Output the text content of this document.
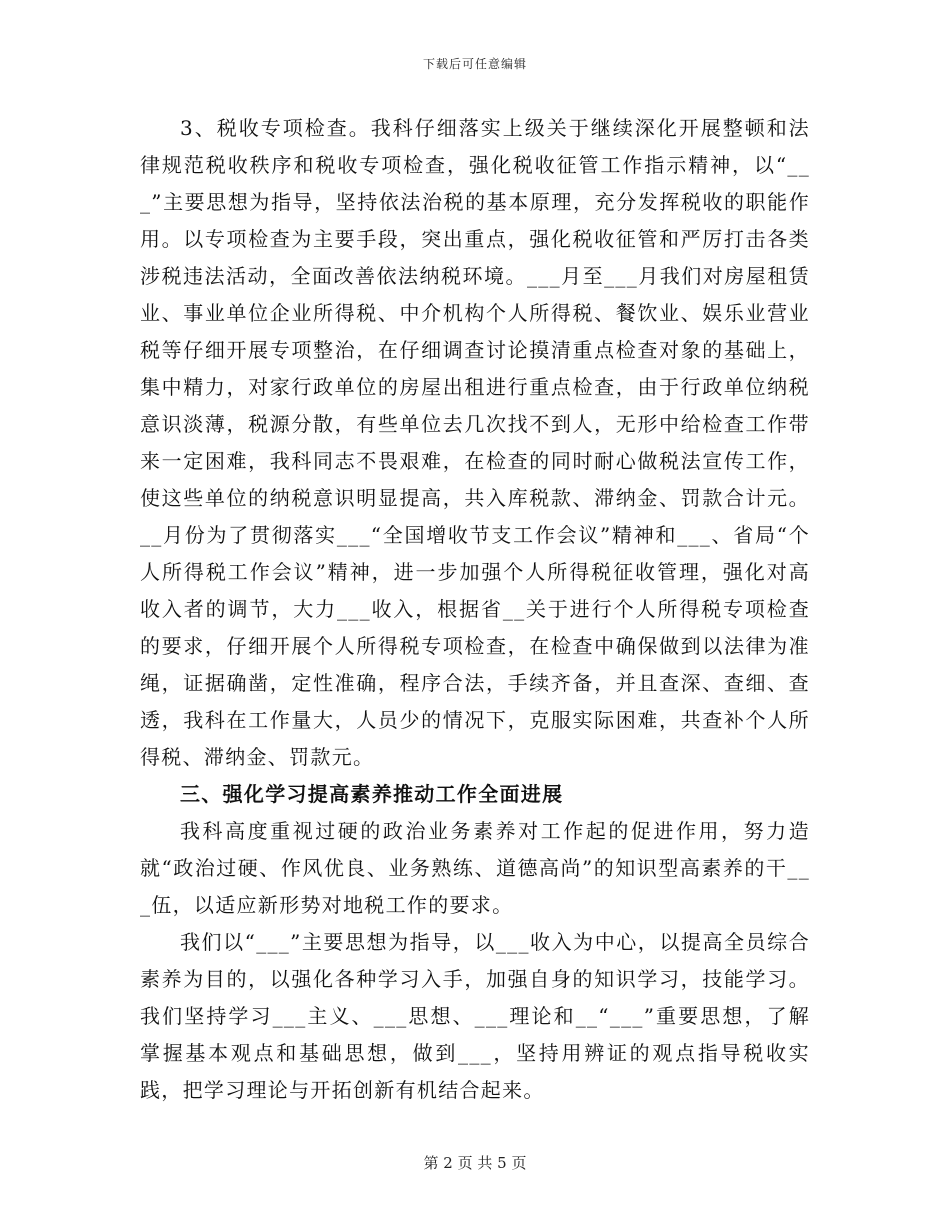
下载后可任意编辑

3、税收专项检查。我科仔细落实上级关于继续深化开展整顿和法律规范税收秩序和税收专项检查，强化税收征管工作指示精神，以“___”主要思想为指导，坚持依法治税的基本原理，充分发挥税收的职能作用。以专项检查为主要手段，突出重点，强化税收征管和严厉打击各类涉税违法活动，全面改善依法纳税环境。___月至___月我们对房屋租赁业、事业单位企业所得税、中介机构个人所得税、餐饮业、娱乐业营业税等仔细开展专项整治，在仔细调查讨论摸清重点检查对象的基础上，集中精力，对家行政单位的房屋出租进行重点检查，由于行政单位纳税意识淡薄，税源分散，有些单位去几次找不到人，无形中给检查工作带来一定困难，我科同志不畏艰难，在检查的同时耐心做税法宣传工作，使这些单位的纳税意识明显提高，共入库税款、滞纳金、罚款合计元。__月份为了贯彻落实___“全国增收节支工作会议”精神和___、省局“个人所得税工作会议”精神，进一步加强个人所得税征收管理，强化对高收入者的调节，大力___收入，根据省__关于进行个人所得税专项检查的要求，仔细开展个人所得税专项检查，在检查中确保做到以法律为准绳，证据确凿，定性准确，程序合法，手续齐备，并且查深、查细、查透，我科在工作量大，人员少的情况下，克服实际困难，共查补个人所得税、滞纳金、罚款元。

三、强化学习提高素养推动工作全面进展

我科高度重视过硬的政治业务素养对工作起的促进作用，努力造就“政治过硬、作风优良、业务熟练、道德高尚”的知识型高素养的干___伍，以适应新形势对地税工作的要求。

我们以“___”主要思想为指导，以___收入为中心，以提高全员综合素养为目的，以强化各种学习入手，加强自身的知识学习，技能学习。我们坚持学习___主义、___思想、___理论和__“___”重要思想，了解掌握基本观点和基础思想，做到___，坚持用辨证的观点指导税收实践，把学习理论与开拓创新有机结合起来。

第 2 页 共 5 页
